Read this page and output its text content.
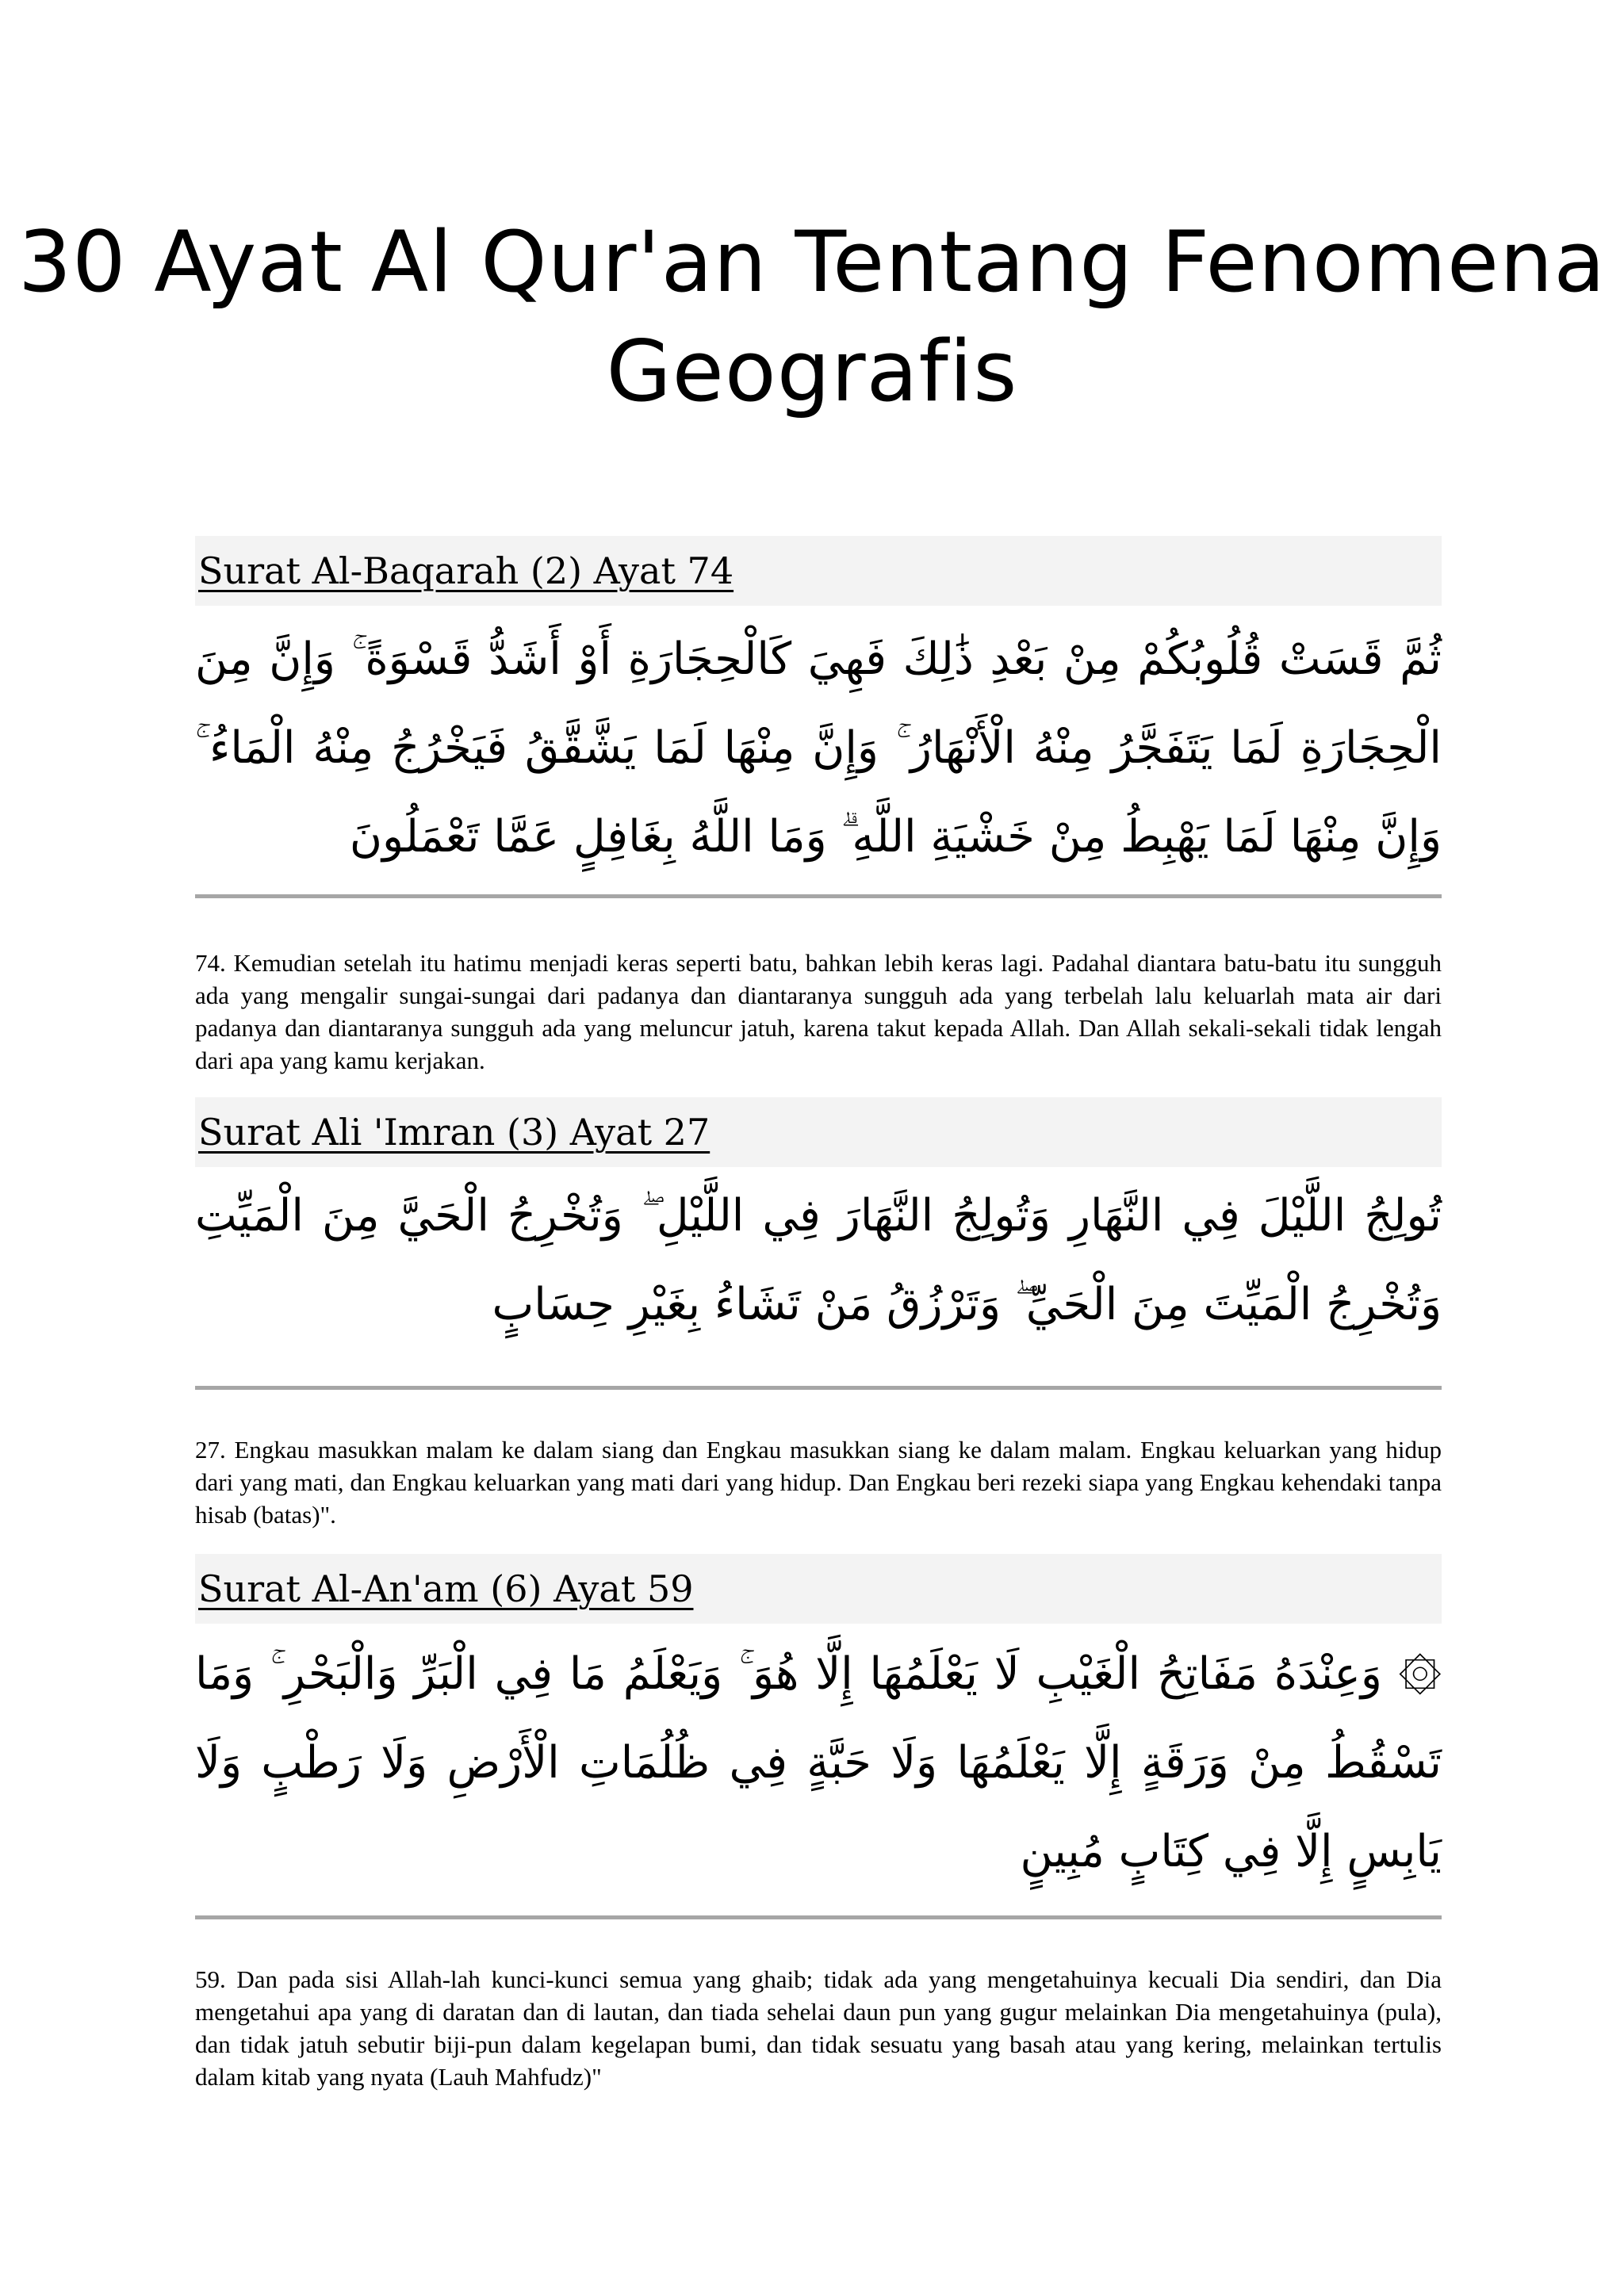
30 Ayat Al Qur'an Tentang Fenomena Geografis
Surat Al-Baqarah (2) Ayat 74
ثُمَّ قَسَتْ قُلُوبُكُمْ مِنْ بَعْدِ ذَٰلِكَ فَهِيَ كَالْحِجَارَةِ أَوْ أَشَدُّ قَسْوَةً ۚ وَإِنَّ مِنَ الْحِجَارَةِ لَمَا يَتَفَجَّرُ مِنْهُ الْأَنْهَارُ ۚ وَإِنَّ مِنْهَا لَمَا يَشَّقَّقُ فَيَخْرُجُ مِنْهُ الْمَاءُ ۚ وَإِنَّ مِنْهَا لَمَا يَهْبِطُ مِنْ خَشْيَةِ اللَّهِ ۗ وَمَا اللَّهُ بِغَافِلٍ عَمَّا تَعْمَلُونَ
74. Kemudian setelah itu hatimu menjadi keras seperti batu, bahkan lebih keras lagi. Padahal diantara batu-batu itu sungguh ada yang mengalir sungai-sungai dari padanya dan diantaranya sungguh ada yang terbelah lalu keluarlah mata air dari padanya dan diantaranya sungguh ada yang meluncur jatuh, karena takut kepada Allah. Dan Allah sekali-sekali tidak lengah dari apa yang kamu kerjakan.
Surat Ali 'Imran (3) Ayat 27
تُولِجُ اللَّيْلَ فِي النَّهَارِ وَتُولِجُ النَّهَارَ فِي اللَّيْلِ ۖ وَتُخْرِجُ الْحَيَّ مِنَ الْمَيِّتِ وَتُخْرِجُ الْمَيِّتَ مِنَ الْحَيِّ ۖ وَتَرْزُقُ مَنْ تَشَاءُ بِغَيْرِ حِسَابٍ
27. Engkau masukkan malam ke dalam siang dan Engkau masukkan siang ke dalam malam. Engkau keluarkan yang hidup dari yang mati, dan Engkau keluarkan yang mati dari yang hidup. Dan Engkau beri rezeki siapa yang Engkau kehendaki tanpa hisab (batas)".
Surat Al-An'am (6) Ayat 59
۞ وَعِنْدَهُ مَفَاتِحُ الْغَيْبِ لَا يَعْلَمُهَا إِلَّا هُوَ ۚ وَيَعْلَمُ مَا فِي الْبَرِّ وَالْبَحْرِ ۚ وَمَا تَسْقُطُ مِنْ وَرَقَةٍ إِلَّا يَعْلَمُهَا وَلَا حَبَّةٍ فِي ظُلُمَاتِ الْأَرْضِ وَلَا رَطْبٍ وَلَا يَابِسٍ إِلَّا فِي كِتَابٍ مُبِينٍ
59. Dan pada sisi Allah-lah kunci-kunci semua yang ghaib; tidak ada yang mengetahuinya kecuali Dia sendiri, dan Dia mengetahui apa yang di daratan dan di lautan, dan tiada sehelai daun pun yang gugur melainkan Dia mengetahuinya (pula), dan tidak jatuh sebutir biji-pun dalam kegelapan bumi, dan tidak sesuatu yang basah atau yang kering, melainkan tertulis dalam kitab yang nyata (Lauh Mahfudz)"
